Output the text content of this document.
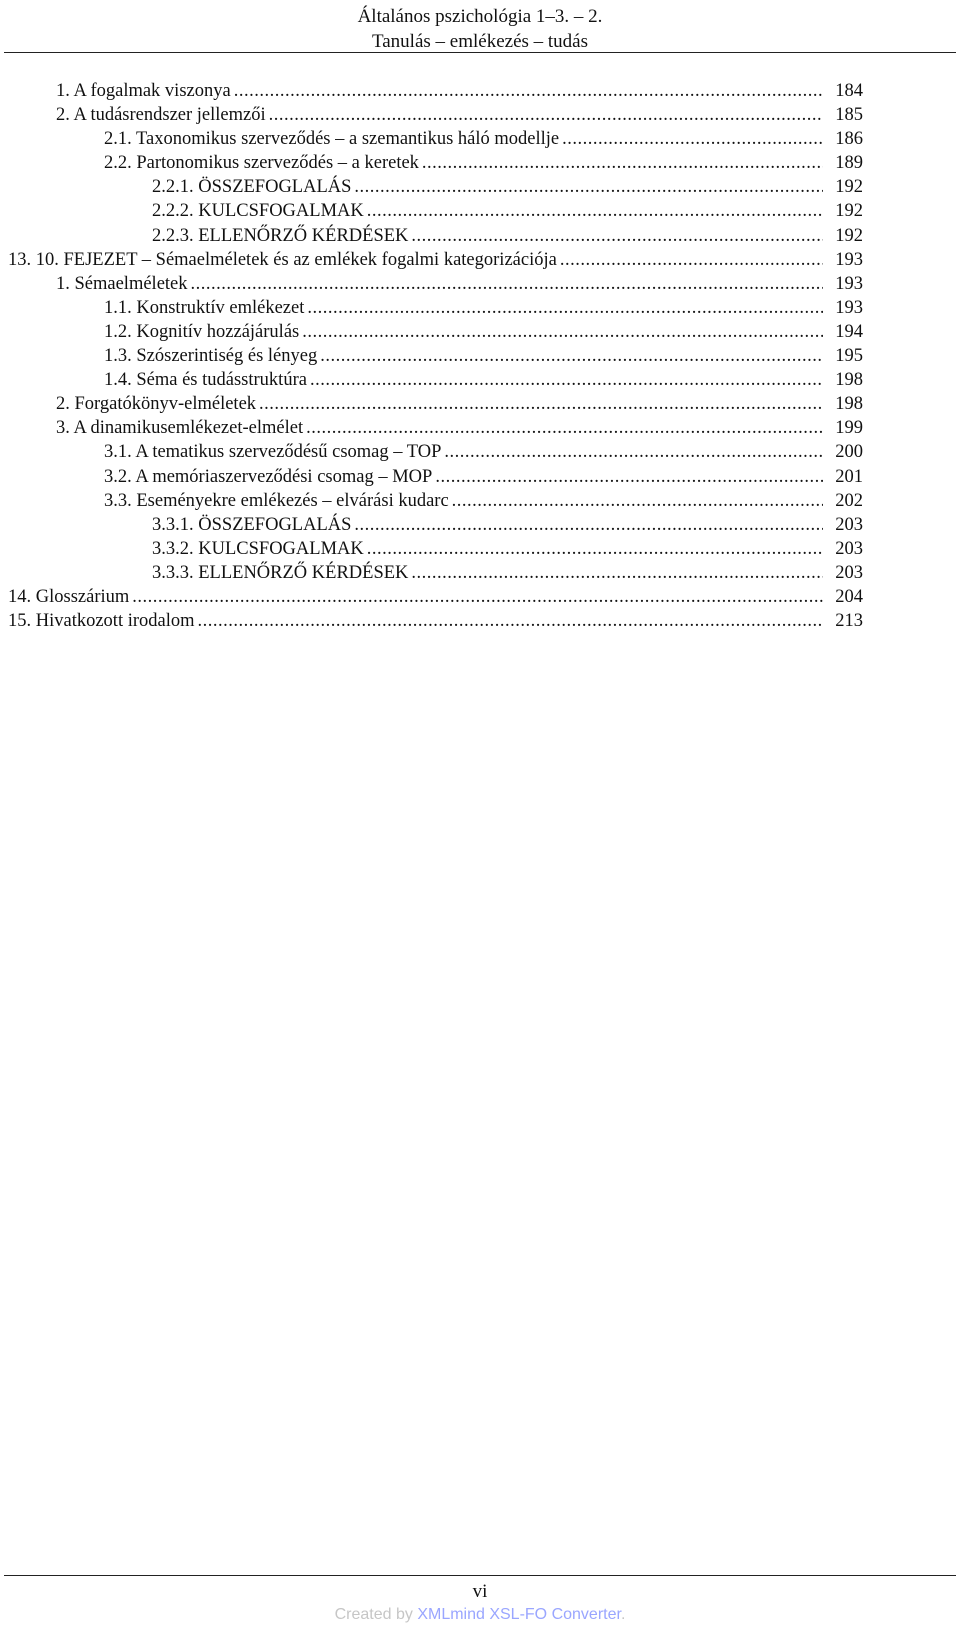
Általános pszichológia 1–3. – 2.
Tanulás – emlékezés – tudás
1. A fogalmak viszonya .....	184
2. A tudásrendszer jellemzői .....	185
2.1. Taxonomikus szerveződés – a szemantikus háló modellje .....	186
2.2. Partonomikus szerveződés – a keretek .....	189
2.2.1. ÖSSZEFOGLALÁS .....	192
2.2.2. KULCSFOGALMAK .....	192
2.2.3. ELLENŐRZŐ KÉRDÉSEK .....	192
13. 10. FEJEZET – Sémaelméletek és az emlékek fogalmi kategorizációja .....	193
1. Sémaelméletek .....	193
1.1. Konstruktív emlékezet .....	193
1.2. Kognitív hozzájárulás .....	194
1.3. Szószerintiség és lényeg .....	195
1.4. Séma és tudásstruktúra .....	198
2. Forgatókönyv-elméletek .....	198
3. A dinamikusemlékezet-elmélet .....	199
3.1. A tematikus szerveződésű csomag – TOP .....	200
3.2. A memóriaszerveződési csomag – MOP .....	201
3.3. Eseményekre emlékezés – elvárási kudarc .....	202
3.3.1. ÖSSZEFOGLALÁS .....	203
3.3.2. KULCSFOGALMAK .....	203
3.3.3. ELLENŐRZŐ KÉRDÉSEK .....	203
14. Glosszárium .....	204
15. Hivatkozott irodalom .....	213
vi
Created by XMLmind XSL-FO Converter.
